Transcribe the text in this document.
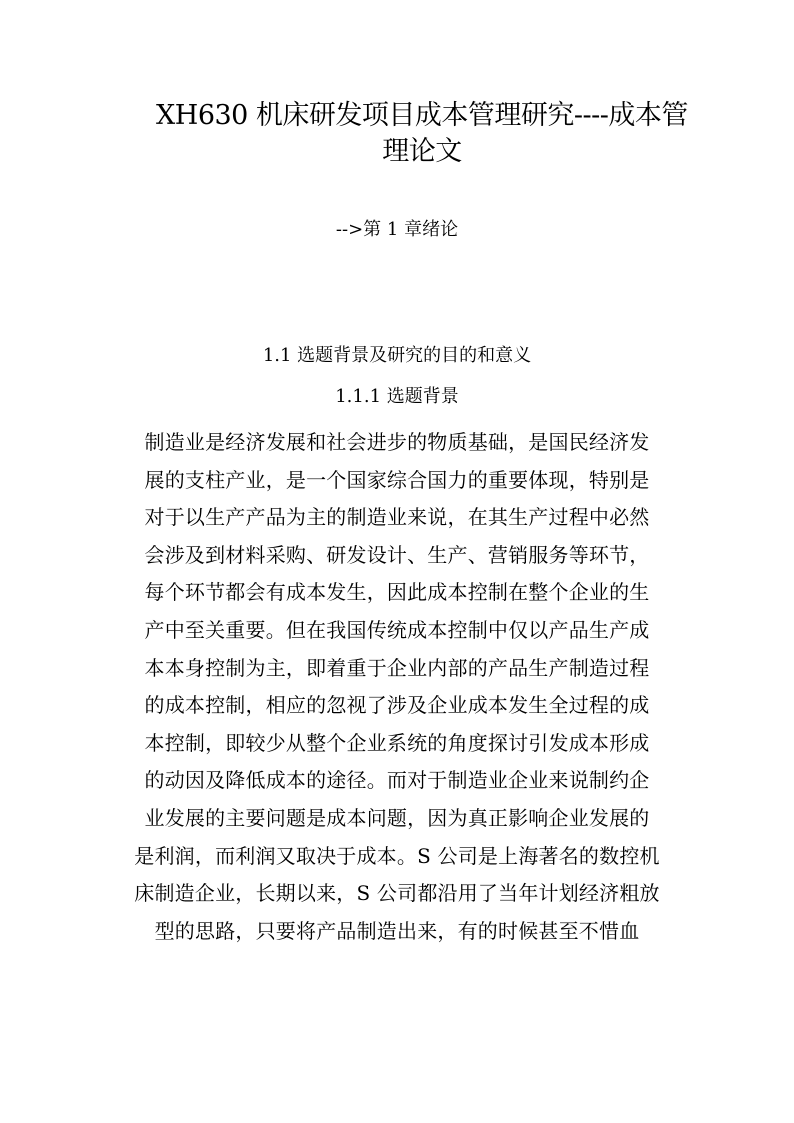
XH630 机床研发项目成本管理研究----成本管理论文
-->第 1 章绪论
1.1 选题背景及研究的目的和意义
1.1.1 选题背景
制造业是经济发展和社会进步的物质基础，是国民经济发
展的支柱产业，是一个国家综合国力的重要体现，特别是
对于以生产产品为主的制造业来说，在其生产过程中必然
会涉及到材料采购、研发设计、生产、营销服务等环节，
每个环节都会有成本发生，因此成本控制在整个企业的生
产中至关重要。但在我国传统成本控制中仅以产品生产成
本本身控制为主，即着重于企业内部的产品生产制造过程
的成本控制，相应的忽视了涉及企业成本发生全过程的成
本控制，即较少从整个企业系统的角度探讨引发成本形成
的动因及降低成本的途径。而对于制造业企业来说制约企
业发展的主要问题是成本问题，因为真正影响企业发展的
是利润，而利润又取决于成本。S 公司是上海著名的数控机
床制造企业，长期以来，S 公司都沿用了当年计划经济粗放
型的思路，只要将产品制造出来，有的时候甚至不惜血
